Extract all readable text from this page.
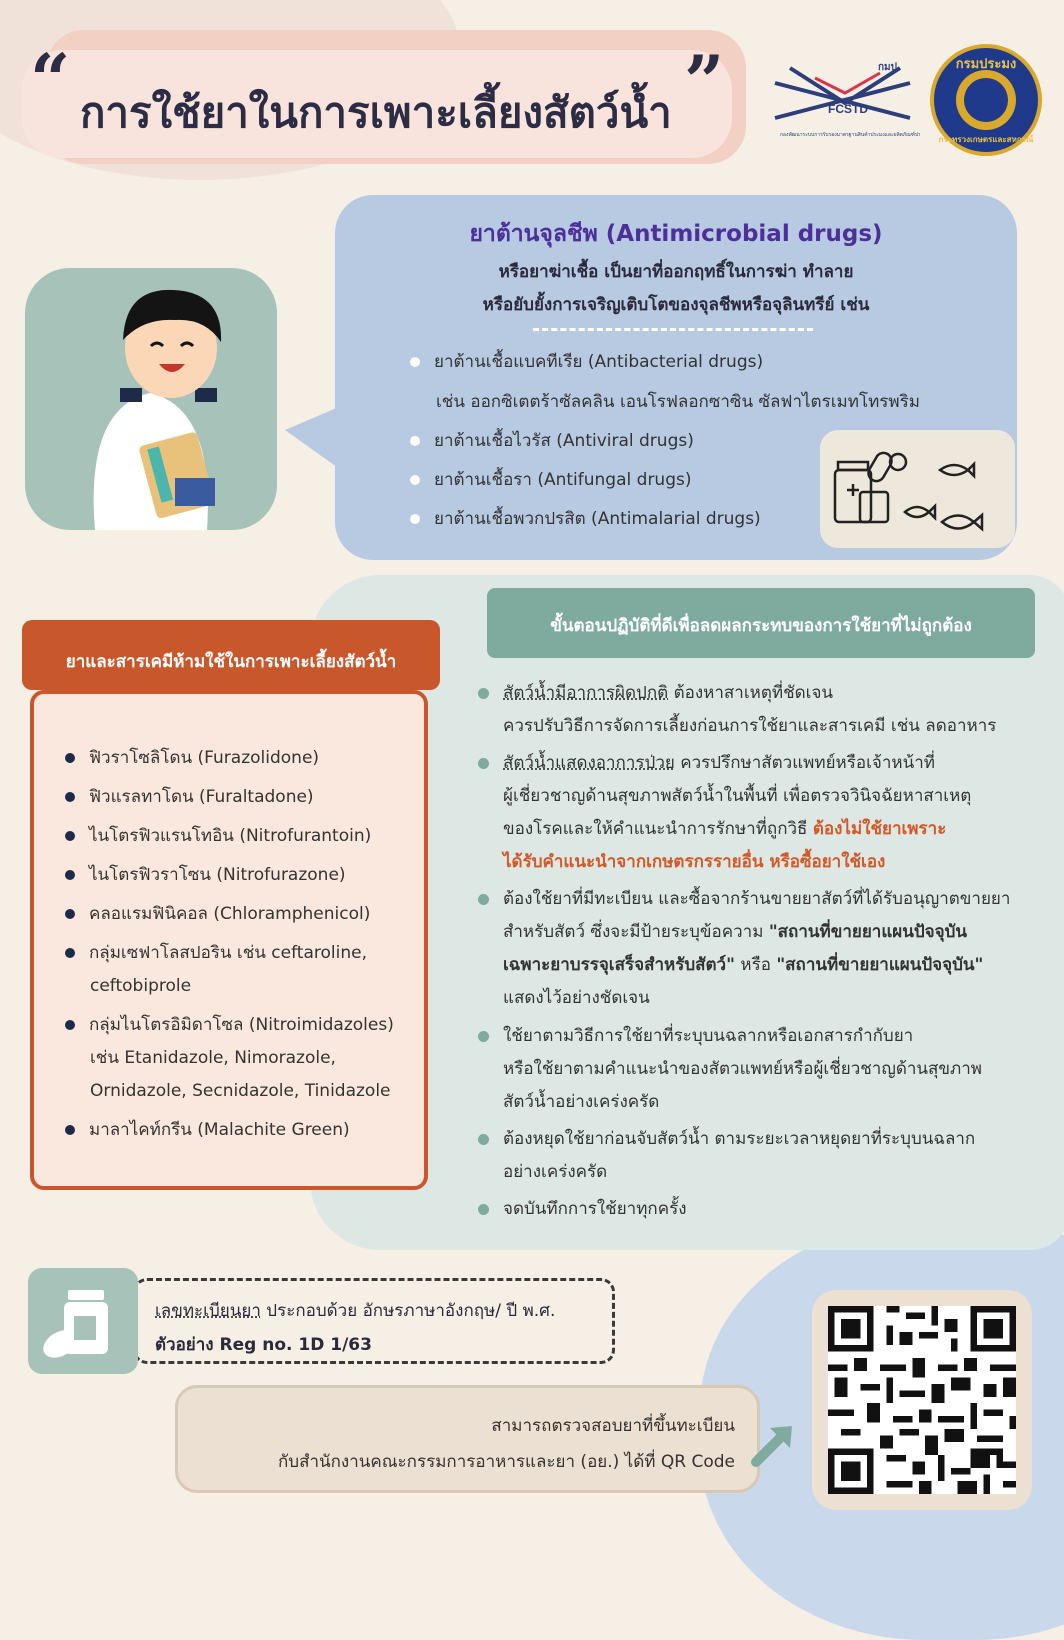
“ การใช้ยาในการเพาะเลี้ยงสัตว์น้ำ ”	FCSTD
กมป.
กองพัฒนาระบบการรับรองมาตรฐานสินค้าประมงและผลิตภัณฑ์ประมง
กรมประมง
กระทรวงเกษตรและสหกรณ์
ยาต้านจุลชีพ (Antimicrobial drugs)
หรือยาฆ่าเชื้อ เป็นยาที่ออกฤทธิ์ในการฆ่า ทำลาย
หรือยับยั้งการเจริญเติบโตของจุลชีพหรือจุลินทรีย์ เช่น
ยาต้านเชื้อแบคทีเรีย (Antibacterial drugs)
เช่น ออกซิเตตร้าซัลคลิน เอนโรฟลอกซาซิน ซัลฟาไตรเมทโทรพริม
ยาต้านเชื้อไวรัส (Antiviral drugs)
ยาต้านเชื้อรา (Antifungal drugs)
ยาต้านเชื้อพวกปรสิต (Antimalarial drugs)
ยาและสารเคมีห้ามใช้ในการเพาะเลี้ยงสัตว์น้ำ
ฟิวราโซลิโดน (Furazolidone)
ฟิวแรลทาโดน (Furaltadone)
ไนโตรฟิวแรนโทอิน (Nitrofurantoin)
ไนโตรฟิวราโซน (Nitrofurazone)
คลอแรมฟินิคอล (Chloramphenicol)
กลุ่มเซฟาโลสปอริน เช่น ceftaroline,
ceftobiprole
กลุ่มไนโตรอิมิดาโซล (Nitroimidazoles)
เช่น Etanidazole, Nimorazole,
Ornidazole, Secnidazole, Tinidazole
มาลาไคท์กรีน (Malachite Green)
ขั้นตอนปฏิบัติที่ดีเพื่อลดผลกระทบของการใช้ยาที่ไม่ถูกต้อง
สัตว์น้ำมีอาการผิดปกติ ต้องหาสาเหตุที่ชัดเจน
ควรปรับวิธีการจัดการเลี้ยงก่อนการใช้ยาและสารเคมี เช่น ลดอาหาร
สัตว์น้ำแสดงอาการป่วย ควรปรึกษาสัตวแพทย์หรือเจ้าหน้าที่
ผู้เชี่ยวชาญด้านสุขภาพสัตว์น้ำในพื้นที่ เพื่อตรวจวินิจฉัยหาสาเหตุ
ของโรคและให้คำแนะนำการรักษาที่ถูกวิธี ต้องไม่ใช้ยาเพราะ
ได้รับคำแนะนำจากเกษตรกรรายอื่น หรือซื้อยาใช้เอง
ต้องใช้ยาที่มีทะเบียน และซื้อจากร้านขายยาสัตว์ที่ได้รับอนุญาตขายยา
สำหรับสัตว์ ซึ่งจะมีป้ายระบุข้อความ "สถานที่ขายยาแผนปัจจุบัน
เฉพาะยาบรรจุเสร็จสำหรับสัตว์" หรือ "สถานที่ขายยาแผนปัจจุบัน"
แสดงไว้อย่างชัดเจน
ใช้ยาตามวิธีการใช้ยาที่ระบุบนฉลากหรือเอกสารกำกับยา
หรือใช้ยาตามคำแนะนำของสัตวแพทย์หรือผู้เชี่ยวชาญด้านสุขภาพ
สัตว์น้ำอย่างเคร่งครัด
ต้องหยุดใช้ยาก่อนจับสัตว์น้ำ ตามระยะเวลาหยุดยาที่ระบุบนฉลาก
อย่างเคร่งครัด
จดบันทึกการใช้ยาทุกครั้ง
เลขทะเบียนยา ประกอบด้วย อักษรภาษาอังกฤษ/ ปี พ.ศ.
ตัวอย่าง Reg no. 1D 1/63
สามารถตรวจสอบยาที่ขึ้นทะเบียน
กับสำนักงานคณะกรรมการอาหารและยา (อย.) ได้ที่ QR Code
